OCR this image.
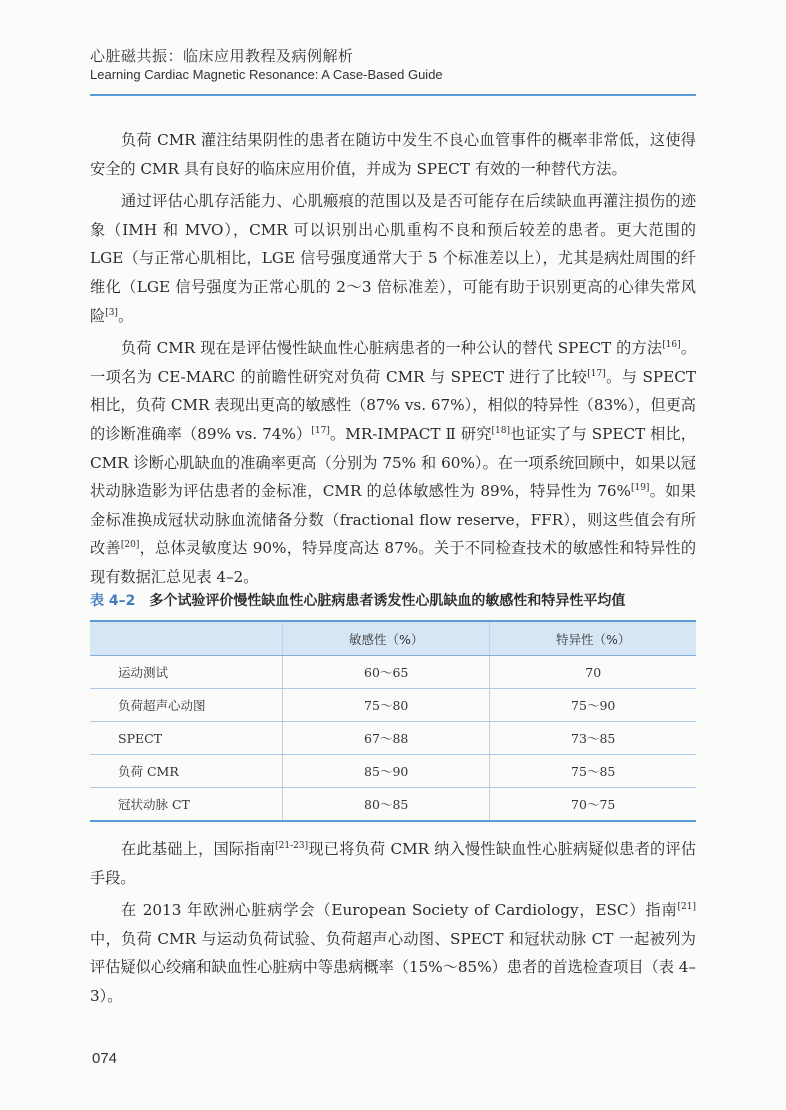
心脏磁共振：临床应用教程及病例解析
Learning Cardiac Magnetic Resonance: A Case-Based Guide

负荷 CMR 灌注结果阴性的患者在随访中发生不良心血管事件的概率非常低，这使得安全的 CMR 具有良好的临床应用价值，并成为 SPECT 有效的一种替代方法。

通过评估心肌存活能力、心肌瘢痕的范围以及是否可能存在后续缺血再灌注损伤的迹象（IMH 和 MVO），CMR 可以识别出心肌重构不良和预后较差的患者。更大范围的 LGE（与正常心肌相比，LGE 信号强度通常大于 5 个标准差以上），尤其是病灶周围的纤维化（LGE 信号强度为正常心肌的 2～3 倍标准差），可能有助于识别更高的心律失常风险[3]。

负荷 CMR 现在是评估慢性缺血性心脏病患者的一种公认的替代 SPECT 的方法[16]。一项名为 CE-MARC 的前瞻性研究对负荷 CMR 与 SPECT 进行了比较[17]。与 SPECT 相比，负荷 CMR 表现出更高的敏感性（87% vs. 67%），相似的特异性（83%），但更高的诊断准确率（89% vs. 74%）[17]。MR-IMPACT Ⅱ 研究[18]也证实了与 SPECT 相比，CMR 诊断心肌缺血的准确率更高（分别为 75% 和 60%）。在一项系统回顾中，如果以冠状动脉造影为评估患者的金标准，CMR 的总体敏感性为 89%，特异性为 76%[19]。如果金标准换成冠状动脉血流储备分数（fractional flow reserve，FFR），则这些值会有所改善[20]，总体灵敏度达 90%，特异度高达 87%。关于不同检查技术的敏感性和特异性的现有数据汇总见表 4–2。

表 4–2 多个试验评价慢性缺血性心脏病患者诱发性心肌缺血的敏感性和特异性平均值
	敏感性（%）	特异性（%）
运动测试	60～65	70
负荷超声心动图	75～80	75～90
SPECT	67～88	73～85
负荷 CMR	85～90	75～85
冠状动脉 CT	80～85	70～75

在此基础上，国际指南[21-23]现已将负荷 CMR 纳入慢性缺血性心脏病疑似患者的评估手段。

在 2013 年欧洲心脏病学会（European Society of Cardiology，ESC）指南[21]中，负荷 CMR 与运动负荷试验、负荷超声心动图、SPECT 和冠状动脉 CT 一起被列为评估疑似心绞痛和缺血性心脏病中等患病概率（15%～85%）患者的首选检查项目（表 4–3）。

074
